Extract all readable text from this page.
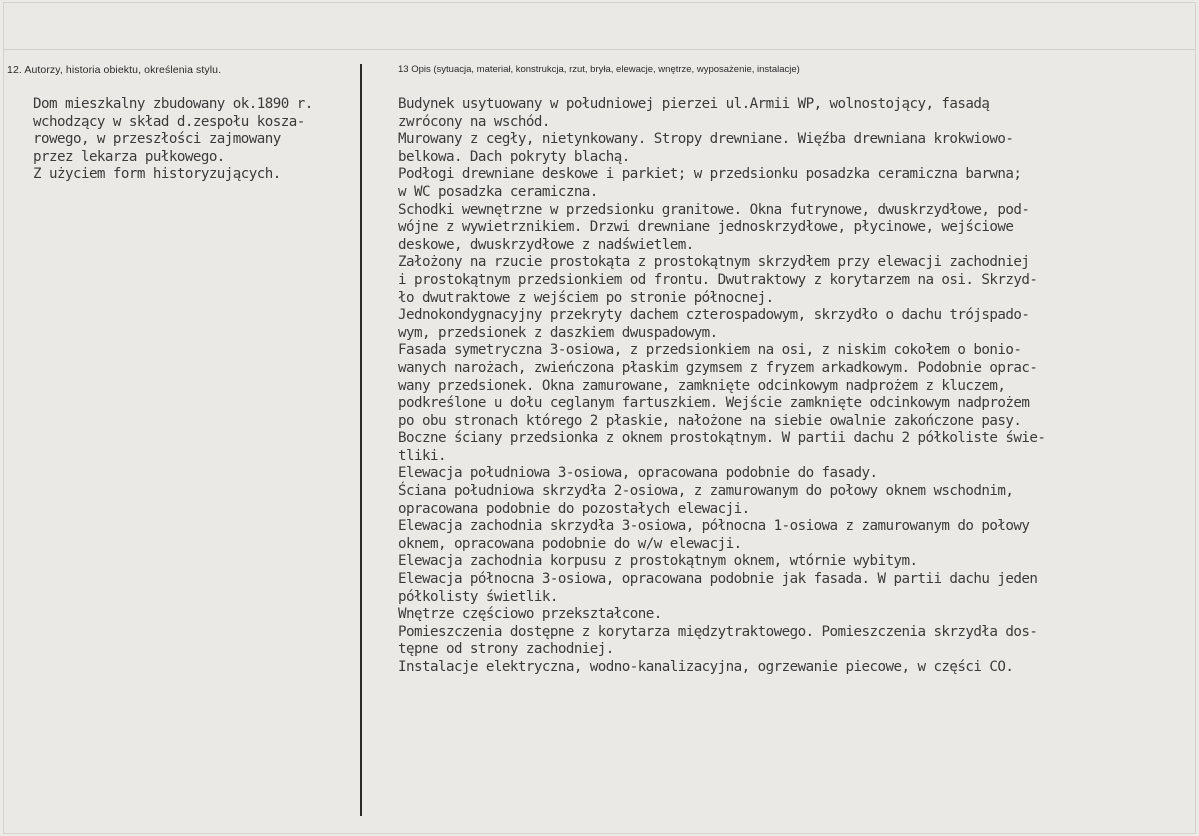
12. Autorzy, historia obiektu, określenia stylu.	13 Opis (sytuacja, materiał, konstrukcja, rzut, bryła, elewacje, wnętrze, wyposażenie, instalacje)
Dom mieszkalny zbudowany ok.1890 r.
wchodzący w skład d.zespołu kosza-
rowego, w przeszłości zajmowany
przez lekarza pułkowego.
Z użyciem form historyzujących.
Budynek usytuowany w południowej pierzei ul.Armii WP, wolnostojący, fasadą
zwrócony na wschód.
Murowany z cegły, nietynkowany. Stropy drewniane. Więźba drewniana krokwiowo-
belkowa. Dach pokryty blachą.
Podłogi drewniane deskowe i parkiet; w przedsionku posadzka ceramiczna barwna;
w WC posadzka ceramiczna.
Schodki wewnętrzne w przedsionku granitowe. Okna futrynowe, dwuskrzydłowe, pod-
wójne z wywietrznikiem. Drzwi drewniane jednoskrzydłowe, płycinowe, wejściowe
deskowe, dwuskrzydłowe z nadświetlem.
Założony na rzucie prostokąta z prostokątnym skrzydłem przy elewacji zachodniej
i prostokątnym przedsionkiem od frontu. Dwutraktowy z korytarzem na osi. Skrzyd-
ło dwutraktowe z wejściem po stronie północnej.
Jednokondygnacyjny przekryty dachem czterospadowym, skrzydło o dachu trójspado-
wym, przedsionek z daszkiem dwuspadowym.
Fasada symetryczna 3-osiowa, z przedsionkiem na osi, z niskim cokołem o bonio-
wanych narożach, zwieńczona płaskim gzymsem z fryzem arkadkowym. Podobnie oprac-
wany przedsionek. Okna zamurowane, zamknięte odcinkowym nadprożem z kluczem,
podkreślone u dołu ceglanym fartuszkiem. Wejście zamknięte odcinkowym nadprożem
po obu stronach którego 2 płaskie, nałożone na siebie owalnie zakończone pasy.
Boczne ściany przedsionka z oknem prostokątnym. W partii dachu 2 półkoliste świe-
tliki.
Elewacja południowa 3-osiowa, opracowana podobnie do fasady.
Ściana południowa skrzydła 2-osiowa, z zamurowanym do połowy oknem wschodnim,
opracowana podobnie do pozostałych elewacji.
Elewacja zachodnia skrzydła 3-osiowa, północna 1-osiowa z zamurowanym do połowy
oknem, opracowana podobnie do w/w elewacji.
Elewacja zachodnia korpusu z prostokątnym oknem, wtórnie wybitym.
Elewacja północna 3-osiowa, opracowana podobnie jak fasada. W partii dachu jeden
półkolisty świetlik.
Wnętrze częściowo przekształcone.
Pomieszczenia dostępne z korytarza międzytraktowego. Pomieszczenia skrzydła dos-
tępne od strony zachodniej.
Instalacje elektryczna, wodno-kanalizacyjna, ogrzewanie piecowe, w części CO.
